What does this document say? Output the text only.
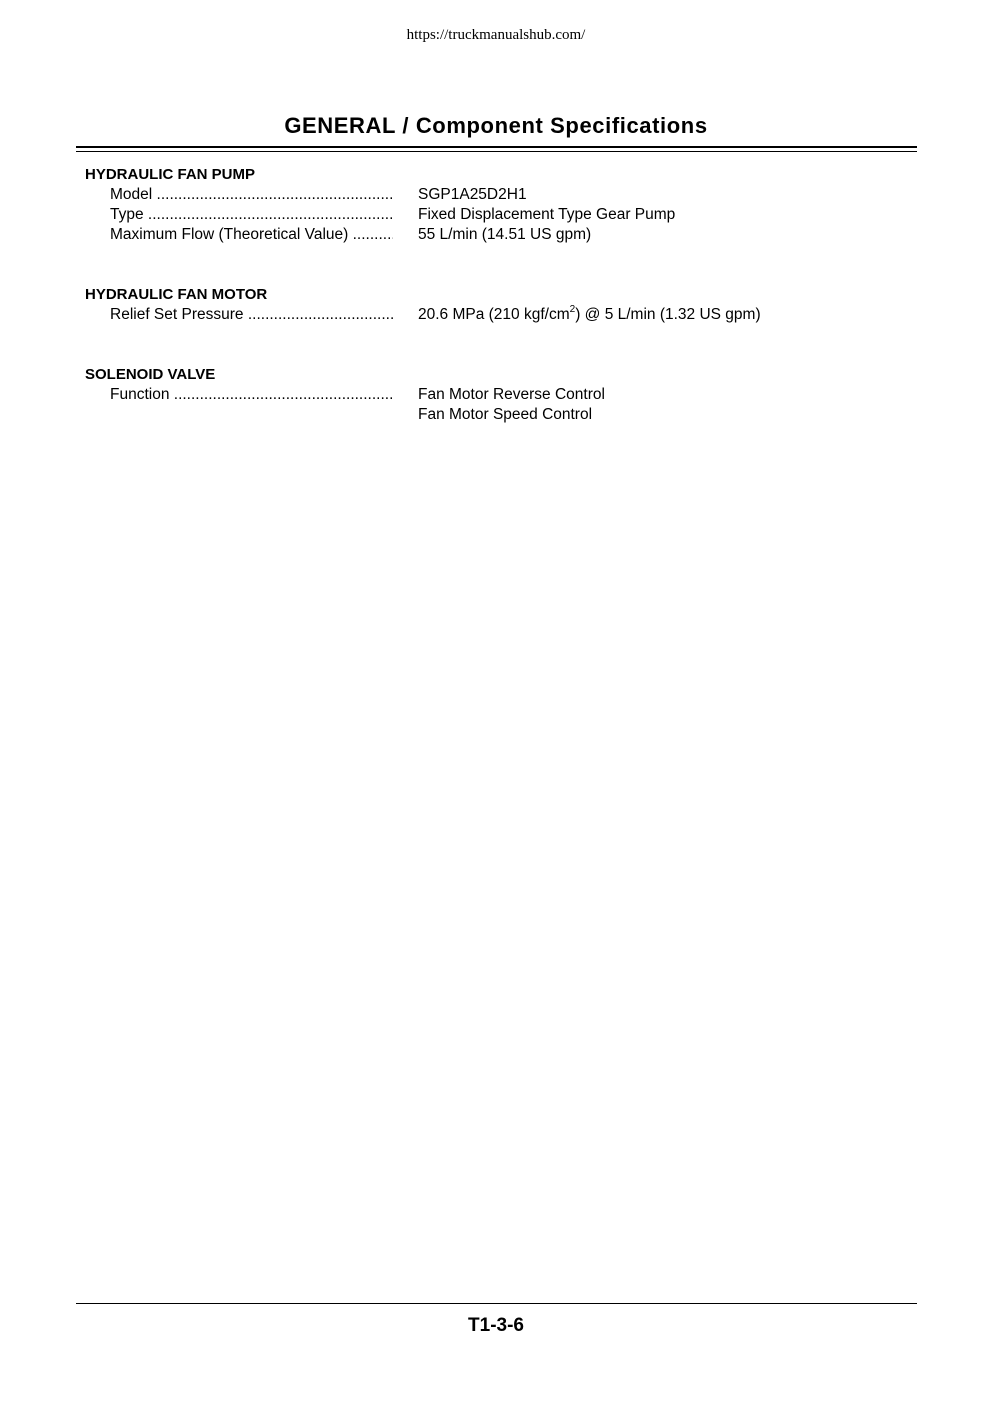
https://truckmanualshub.com/
GENERAL / Component Specifications
HYDRAULIC FAN PUMP
Model .....	SGP1A25D2H1
Type .....	Fixed Displacement Type Gear Pump
Maximum Flow (Theoretical Value) .....	55 L/min (14.51 US gpm)
HYDRAULIC FAN MOTOR
Relief Set Pressure .....	20.6 MPa (210 kgf/$cm^2$) @ 5 L/min (1.32 US gpm)
SOLENOID VALVE
Function .....	Fan Motor Reverse Control
Fan Motor Speed Control
T1-3-6
